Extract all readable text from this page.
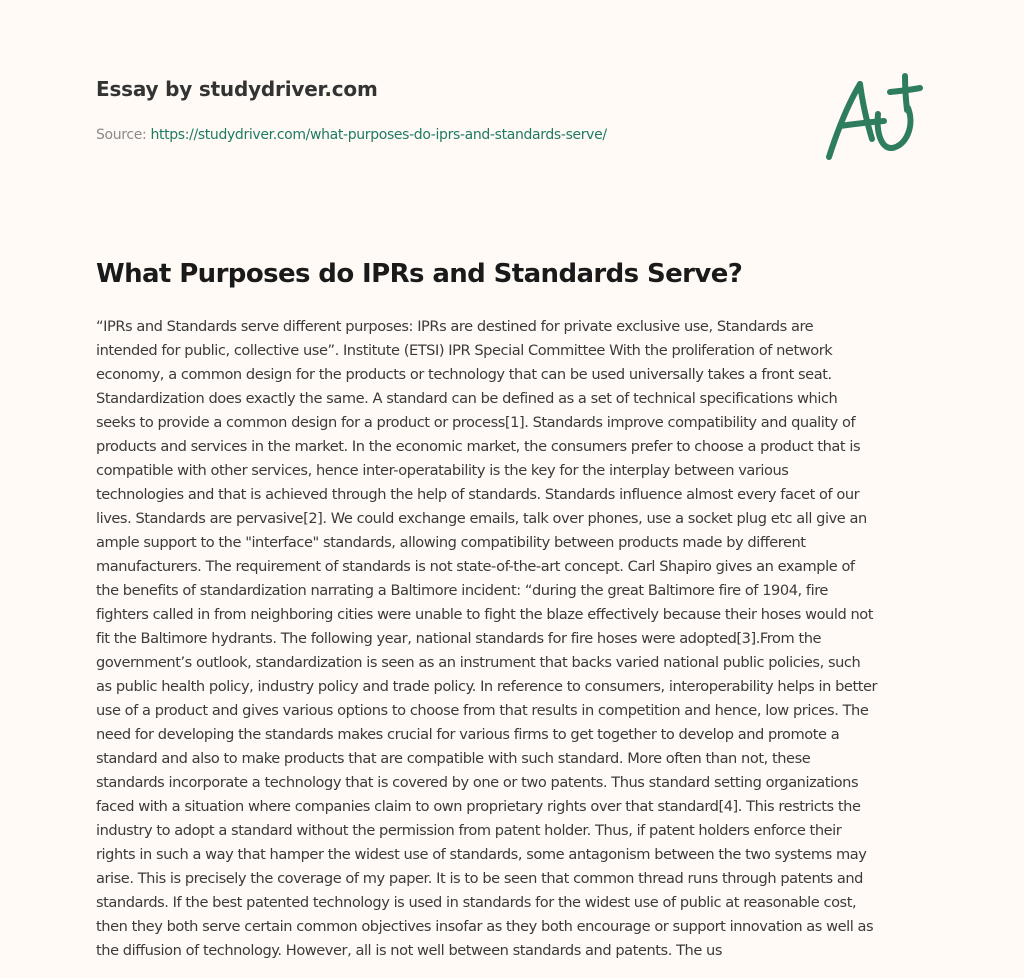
Essay by studydriver.com
Source: https://studydriver.com/what-purposes-do-iprs-and-standards-serve/
What Purposes do IPRs and Standards Serve?
“IPRs and Standards serve different purposes: IPRs are destined for private exclusive use, Standards are
intended for public, collective use”. Institute (ETSI) IPR Special Committee With the proliferation of network
economy, a common design for the products or technology that can be used universally takes a front seat.
Standardization does exactly the same. A standard can be defined as a set of technical specifications which
seeks to provide a common design for a product or process[1]. Standards improve compatibility and quality of
products and services in the market. In the economic market, the consumers prefer to choose a product that is
compatible with other services, hence inter-operatability is the key for the interplay between various
technologies and that is achieved through the help of standards. Standards influence almost every facet of our
lives. Standards are pervasive[2]. We could exchange emails, talk over phones, use a socket plug etc all give an
ample support to the "interface" standards, allowing compatibility between products made by different
manufacturers. The requirement of standards is not state-of-the-art concept. Carl Shapiro gives an example of
the benefits of standardization narrating a Baltimore incident: “during the great Baltimore fire of 1904, fire
fighters called in from neighboring cities were unable to fight the blaze effectively because their hoses would not
fit the Baltimore hydrants. The following year, national standards for fire hoses were adopted[3].From the
government’s outlook, standardization is seen as an instrument that backs varied national public policies, such
as public health policy, industry policy and trade policy. In reference to consumers, interoperability helps in better
use of a product and gives various options to choose from that results in competition and hence, low prices. The
need for developing the standards makes crucial for various firms to get together to develop and promote a
standard and also to make products that are compatible with such standard. More often than not, these
standards incorporate a technology that is covered by one or two patents. Thus standard setting organizations
faced with a situation where companies claim to own proprietary rights over that standard[4]. This restricts the
industry to adopt a standard without the permission from patent holder. Thus, if patent holders enforce their
rights in such a way that hamper the widest use of standards, some antagonism between the two systems may
arise. This is precisely the coverage of my paper. It is to be seen that common thread runs through patents and
standards. If the best patented technology is used in standards for the widest use of public at reasonable cost,
then they both serve certain common objectives insofar as they both encourage or support innovation as well as
the diffusion of technology. However, all is not well between standards and patents. The us
